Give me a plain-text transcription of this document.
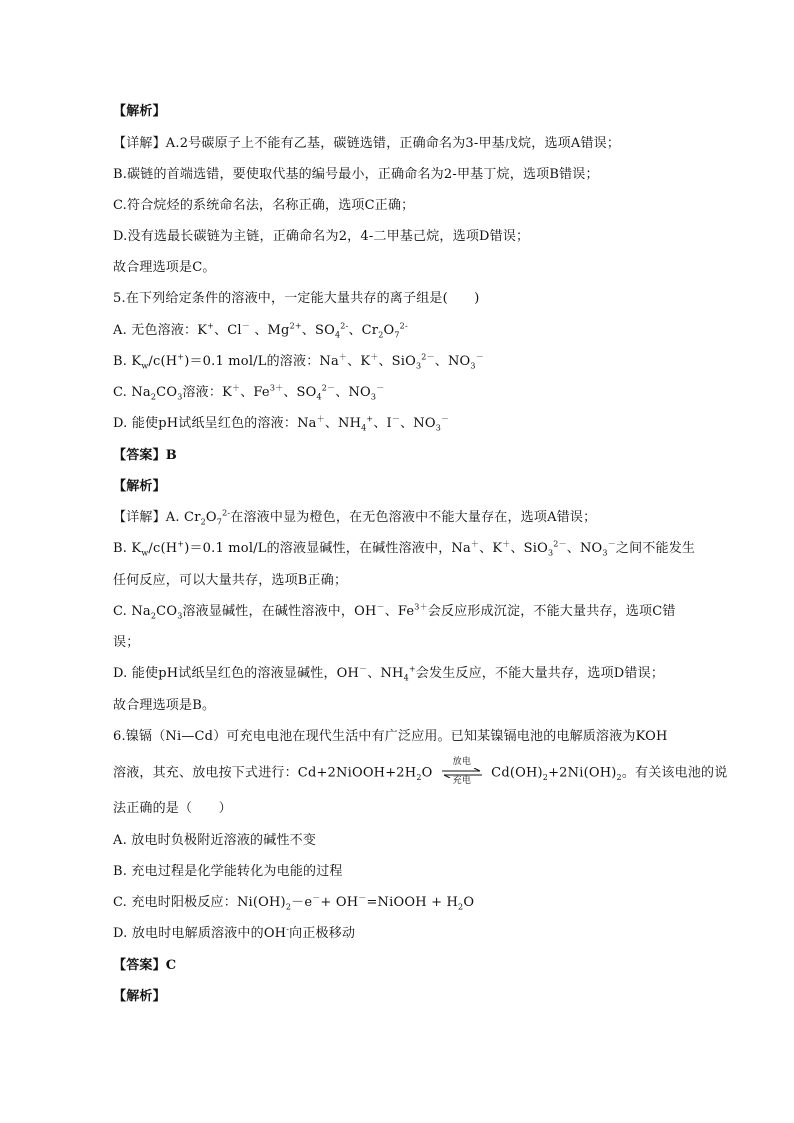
【解析】
【详解】A.2号碳原子上不能有乙基，碳链选错，正确命名为3-甲基戊烷，选项A错误；
B.碳链的首端选错，要使取代基的编号最小，正确命名为2-甲基丁烷，选项B错误；
C.符合烷烃的系统命名法，名称正确，选项C正确；
D.没有选最长碳链为主链，正确命名为2，4-二甲基己烷，选项D错误；
故合理选项是C。
5.在下列给定条件的溶液中，一定能大量共存的离子组是(　　)
A. 无色溶液：K+、Cl－ 、$Mg^{2+}$、$SO_4^{2-}$、$Cr_2O_7^{2-}$
B. $K_w/c(H^+)=0.1$ mol/L的溶液：Na＋、K＋、SiO$_3^{2-}$、$NO_3^-$
C. $Na_2CO_3$溶液：K＋、$Fe^{3+}$、$SO_4^{2-}$、$NO_3^-$
D. 能使pH试纸呈红色的溶液：Na＋、$NH_4^+$、I－、$NO_3^-$
【答案】B
【解析】
【详解】A. $Cr_2O_7^{2-}$在溶液中显为橙色，在无色溶液中不能大量存在，选项A错误；
B. $K_w/c(H^+)=0.1$ mol/L的溶液显碱性，在碱性溶液中，Na＋、K＋、SiO$_3^{2-}$、$NO_3^-$之间不能发生
任何反应，可以大量共存，选项B正确；
C. $Na_2CO_3$溶液显碱性，在碱性溶液中，OH－、$Fe^{3+}$会反应形成沉淀，不能大量共存，选项C错
误；
D. 能使pH试纸呈红色的溶液显碱性，OH－、$NH_4^+$会发生反应，不能大量共存，选项D错误；
故合理选项是B。
6.镍镉（Ni—Cd）可充电电池在现代生活中有广泛应用。已知某镍镉电池的电解质溶液为KOH
溶液，其充、放电按下式进行：$Cd+2NiOOH+2H_2O$
放电
充电
$Cd(OH)_2+2Ni(OH)_2$。有关该电池的说
法正确的是（　　）
A. 放电时负极附近溶液的碱性不变
B. 充电过程是化学能转化为电能的过程
C. 充电时阳极反应：$Ni(OH)_2-e^-+$ OH－=NiOOH + $H_2O$
D. 放电时电解质溶液中的OH-向正极移动
【答案】C
【解析】
